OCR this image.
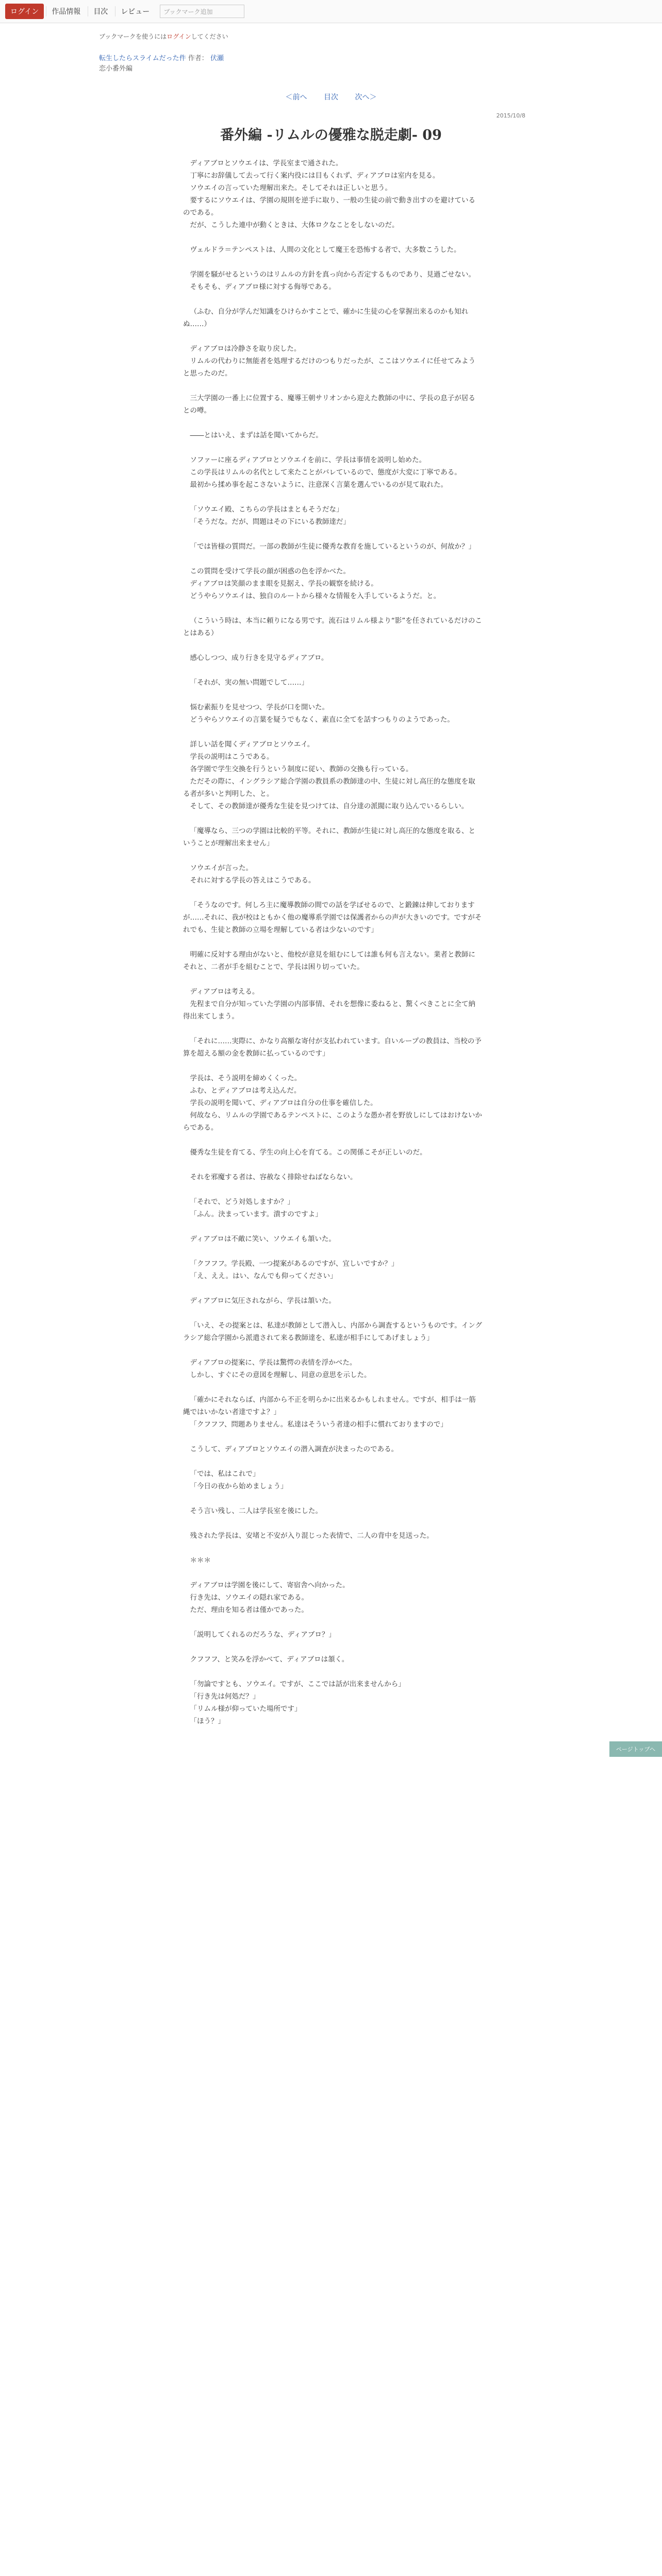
ログイン	作品情報	目次	レビュー	ブックマーク追加
ブックマークを使うにはログインしてください
転生したらスライムだった件 作者： 伏瀬
恋小番外編
＜前へ 目次 次へ＞
2015/10/8
番外編 -リムルの優雅な脱走劇- 09

ディアブロとソウエイは、学長室まで通された。

丁寧にお辞儀して去って行く案内役には目もくれず、ディアブロは室内を見る。

ソウエイの言っていた理解出来た。そしてそれは正しいと思う。

要するにソウエイは、学園の規則を逆手に取り、一般の生徒の前で動き出すのを避けているのである。

だが、こうした連中が動くときは、大体ロクなことをしないのだ。

ヴェルドラ＝テンペストは、人間の文化として魔王を恐怖する者で、大多数こうした。

学園を騒がせるというのはリムルの方針を真っ向から否定するものであり、見過ごせない。

そもそも、ディアブロ様に対する侮辱である。

（ふむ、自分が学んだ知識をひけらかすことで、確かに生徒の心を掌握出来るのかも知れぬ……）

ディアブロは冷静さを取り戻した。

リムルの代わりに無能者を処理するだけのつもりだったが、ここはソウエイに任せてみようと思ったのだ。

三大学園の一番上に位置する、魔導王朝サリオンから迎えた教師の中に、学長の息子が居るとの噂。

――とはいえ、まずは話を聞いてからだ。

ソファーに座るディアブロとソウエイを前に、学長は事情を説明し始めた。

この学長はリムルの名代として来たことがバレているので、態度が大変に丁寧である。

最初から揉め事を起こさないように、注意深く言葉を選んでいるのが見て取れた。

「ソウエイ殿、こちらの学長はまともそうだな」

「そうだな。だが、問題はその下にいる教師達だ」

「では皆様の質問だ。一部の教師が生徒に優秀な教育を施しているというのが、何故か？」

この質問を受けて学長の顔が困惑の色を浮かべた。

ディアブロは笑顔のまま眼を見据え、学長の観察を続ける。

どうやらソウエイは、独自のルートから様々な情報を入手しているようだ。と。

（こういう時は、本当に頼りになる男です。流石はリムル様より“影”を任されているだけのことはある）

感心しつつ、成り行きを見守るディアブロ。

「それが、実の無い問題でして……」

悩む素振りを見せつつ、学長が口を開いた。

どうやらソウエイの言葉を疑うでもなく、素直に全てを話すつもりのようであった。

詳しい話を聞くディアブロとソウエイ。

学長の説明はこうである。

各学園で学生交換を行うという制度に従い、教師の交換も行っている。

ただその際に、イングラシア総合学園の教員系の教師達の中、生徒に対し高圧的な態度を取る者が多いと判明した、と。

そして、その教師達が優秀な生徒を見つけては、自分達の派閥に取り込んでいるらしい。

「魔導なら、三つの学園は比較的平等。それに、教師が生徒に対し高圧的な態度を取る、ということが理解出来ません」

ソウエイが言った。

それに対する学長の答えはこうである。

「そうなのです。何しろ主に魔導教師の間での話を学ばせるので、と鍛錬は伸しておりますが……それに、我が校はともかく他の魔導系学園では保護者からの声が大きいのです。ですがそれでも、生徒と教師の立場を理解している者は少ないのです」

明確に反対する理由がないと、他校が意見を組むにしては誰も何も言えない。業者と教師にそれと、二者が手を組むことで、学長は困り切っていた。

ディアブロは考える。

先程まで自分が知っていた学園の内部事情、それを想像に委ねると、驚くべきことに全て納得出来てしまう。

「それに……実際に、かなり高額な寄付が支払われています。自いループの教員は、当校の予算を超える額の金を教師に払っているのです」

学長は、そう説明を締めくくった。

ふむ、とディアブロは考え込んだ。

学長の説明を聞いて、ディアブロは自分の仕事を確信した。

何故なら、リムルの学園であるテンペストに、このような愚か者を野放しにしてはおけないからである。

優秀な生徒を育てる、学生の向上心を育てる。この関係こそが正しいのだ。

それを邪魔する者は、容赦なく排除せねばならない。

「それで、どう対処しますか？」

「ふん。決まっています。潰すのですよ」

ディアブロは不敵に笑い、ソウエイも頷いた。

「クフフフ。学長殿、一つ提案があるのですが、宜しいですか？」

「え、ええ。はい、なんでも仰ってください」

ディアブロに気圧されながら、学長は頷いた。

「いえ、その提案とは、私達が教師として潜入し、内部から調査するというものです。イングラシア総合学園から派遣されて来る教師達を、私達が相手にしてあげましょう」

ディアブロの提案に、学長は驚愕の表情を浮かべた。

しかし、すぐにその意図を理解し、同意の意思を示した。

「確かにそれならば、内部から不正を明らかに出来るかもしれません。ですが、相手は一筋縄ではいかない者達ですよ？」

「クフフフ、問題ありません。私達はそういう者達の相手に慣れておりますので」

こうして、ディアブロとソウエイの潜入調査が決まったのである。

「では、私はこれで」

「今日の夜から始めましょう」

そう言い残し、二人は学長室を後にした。

残された学長は、安堵と不安が入り混じった表情で、二人の背中を見送った。

＊＊＊

ディアブロは学園を後にして、寄宿舎へ向かった。

行き先は、ソウエイの隠れ家である。

ただ、理由を知る者は僅かであった。

「説明してくれるのだろうな、ディアブロ？」

クフフフ、と笑みを浮かべて、ディアブロは頷く。

「勿論ですとも、ソウエイ。ですが、ここでは話が出来ませんから」

「行き先は何処だ？」

「リムル様が仰っていた場所です」

「ほう？」

ページトップへ
